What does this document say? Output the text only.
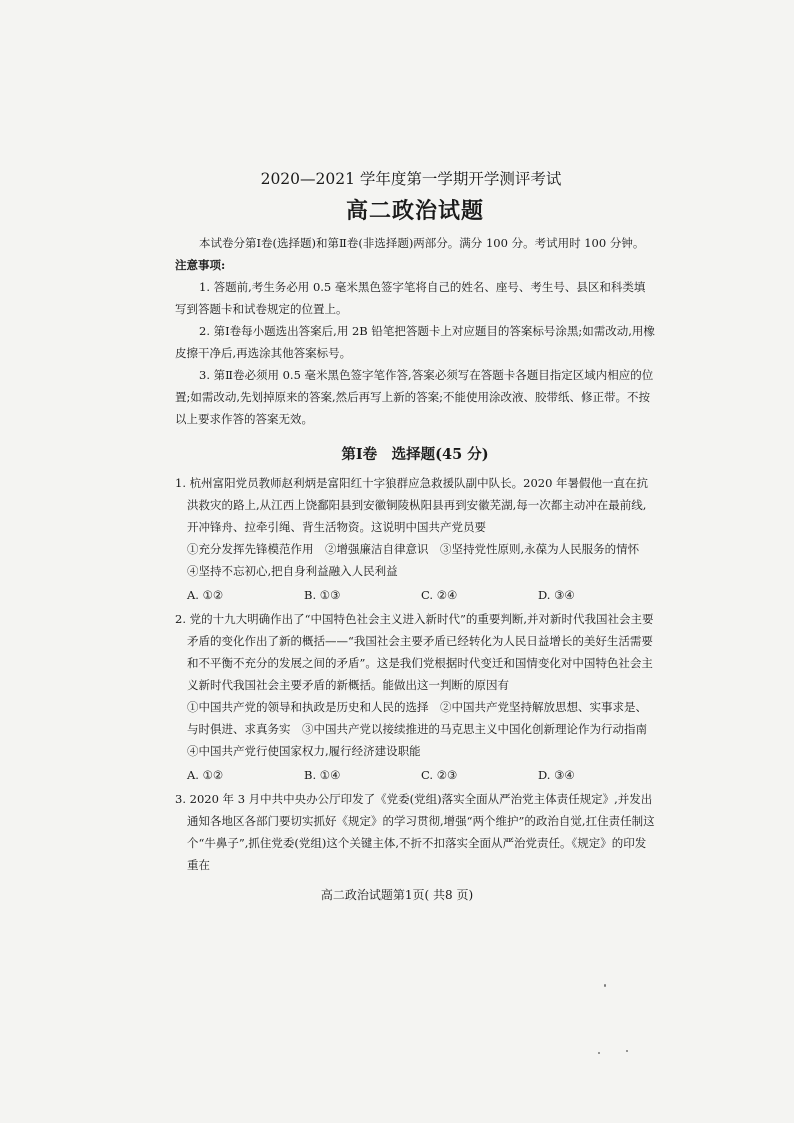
2020—2021 学年度第一学期开学测评考试
高二政治试题
本试卷分第Ⅰ卷(选择题)和第Ⅱ卷(非选择题)两部分。满分 100 分。考试用时 100 分钟。
注意事项:
1. 答题前,考生务必用 0.5 毫米黑色签字笔将自己的姓名、座号、考生号、县区和科类填写到答题卡和试卷规定的位置上。
2. 第Ⅰ卷每小题选出答案后,用 2B 铅笔把答题卡上对应题目的答案标号涂黑;如需改动,用橡皮擦干净后,再选涂其他答案标号。
3. 第Ⅱ卷必须用 0.5 毫米黑色签字笔作答,答案必须写在答题卡各题目指定区域内相应的位置;如需改动,先划掉原来的答案,然后再写上新的答案;不能使用涂改液、胶带纸、修正带。不按以上要求作答的答案无效。
第Ⅰ卷　选择题(45 分)
1. 杭州富阳党员教师赵利炳是富阳红十字狼群应急救援队副中队长。2020 年暑假他一直在抗洪救灾的路上,从江西上饶鄱阳县到安徽铜陵枞阳县再到安徽芜湖,每一次都主动冲在最前线,开冲锋舟、拉牵引绳、背生活物资。这说明中国共产党员要
①充分发挥先锋模范作用　②增强廉洁自律意识　③坚持党性原则,永葆为人民服务的情怀
④坚持不忘初心,把自身利益融入人民利益
A. ①②	B. ①③	C. ②④	D. ③④
2. 党的十九大明确作出了“中国特色社会主义进入新时代”的重要判断,并对新时代我国社会主要矛盾的变化作出了新的概括——“我国社会主要矛盾已经转化为人民日益增长的美好生活需要和不平衡不充分的发展之间的矛盾”。这是我们党根据时代变迁和国情变化对中国特色社会主义新时代我国社会主要矛盾的新概括。能做出这一判断的原因有
①中国共产党的领导和执政是历史和人民的选择　②中国共产党坚持解放思想、实事求是、与时俱进、求真务实　③中国共产党以接续推进的马克思主义中国化创新理论作为行动指南
④中国共产党行使国家权力,履行经济建设职能
A. ①②	B. ①④	C. ②③	D. ③④
3. 2020 年 3 月中共中央办公厅印发了《党委(党组)落实全面从严治党主体责任规定》,并发出通知各地区各部门要切实抓好《规定》的学习贯彻,增强“两个维护”的政治自觉,扛住责任制这个“牛鼻子”,抓住党委(党组)这个关键主体,不折不扣落实全面从严治党责任。《规定》的印发重在
高二政治试题第1页( 共8 页)
